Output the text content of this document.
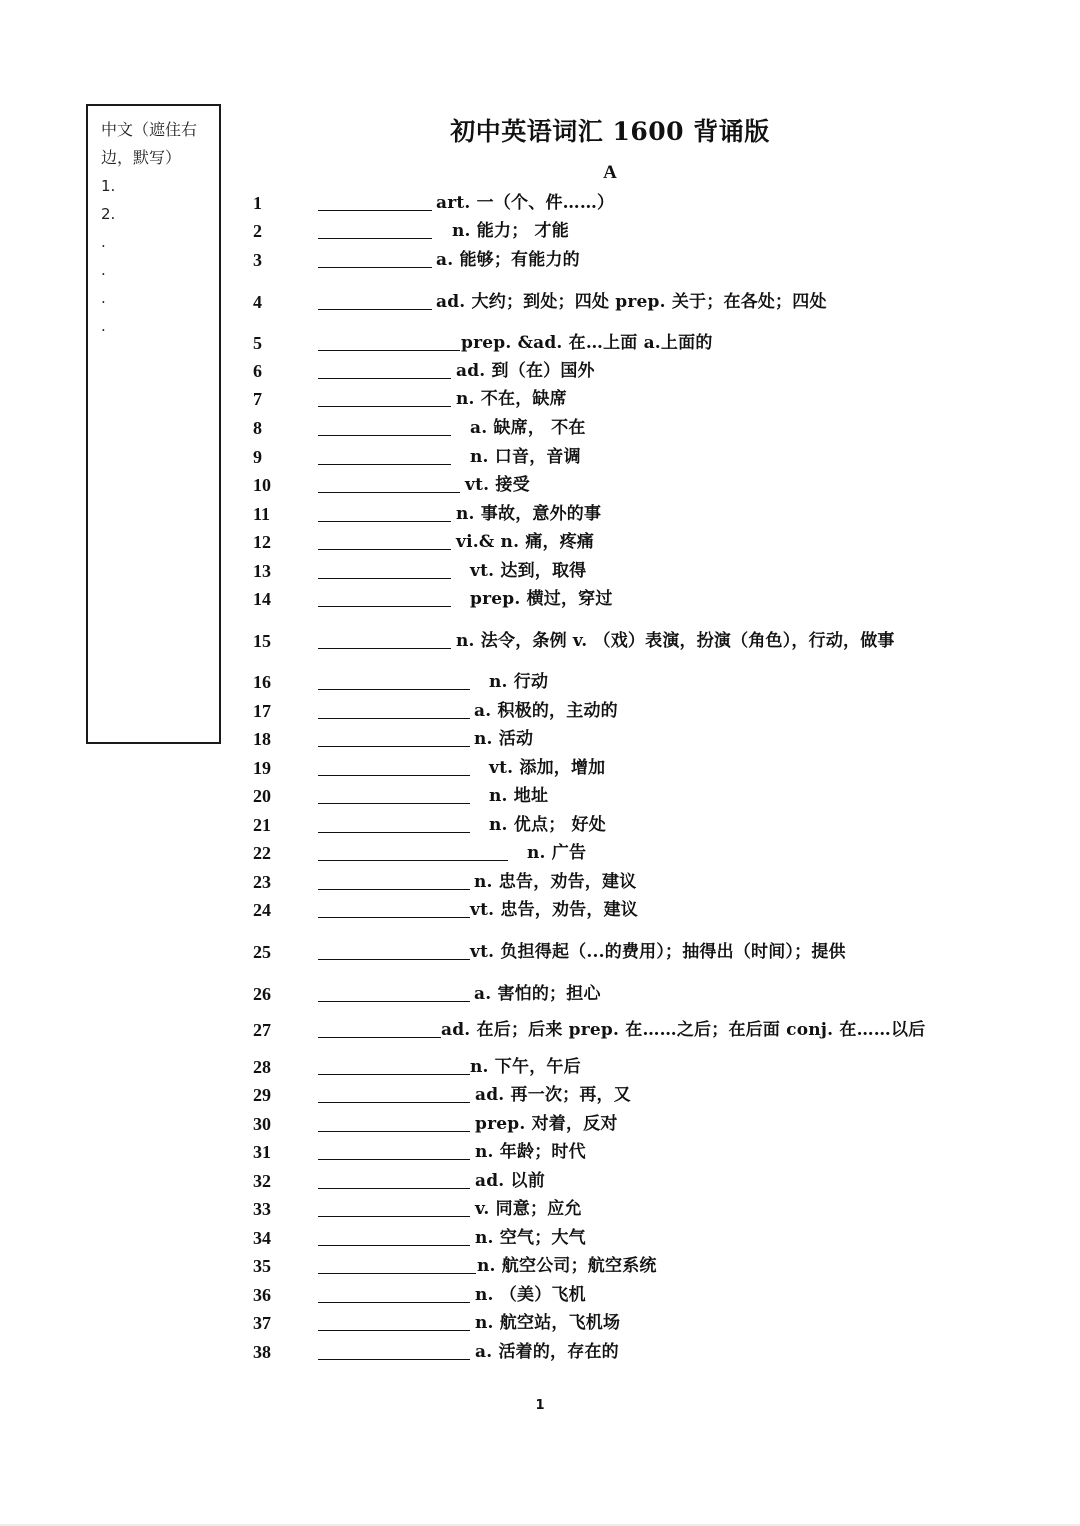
中文（遮住右边，默写）
1.
2.
.
.
.
.
初中英语词汇 1600 背诵版
A
1	art. 一（个、件……）
2	n. 能力； 才能
3	a. 能够；有能力的
4	ad. 大约；到处；四处 prep. 关于；在各处；四处
5	prep. &ad. 在…上面 a.上面的
6	ad. 到（在）国外
7	n. 不在，缺席
8	a. 缺席， 不在
9	n. 口音，音调
10	vt. 接受
11	n. 事故，意外的事
12	vi.& n. 痛，疼痛
13	vt. 达到，取得
14	prep. 横过，穿过
15	n. 法令，条例 v. （戏）表演，扮演（角色），行动，做事
16	n. 行动
17	a. 积极的，主动的
18	n. 活动
19	vt. 添加，增加
20	n. 地址
21	n. 优点； 好处
22	n. 广告
23	n. 忠告，劝告，建议
24	vt. 忠告，劝告，建议
25	vt. 负担得起（...的费用）；抽得出（时间）；提供
26	a. 害怕的；担心
27	ad. 在后；后来 prep. 在……之后；在后面 conj. 在……以后
28	n. 下午，午后
29	ad. 再一次；再，又
30	prep. 对着，反对
31	n. 年龄；时代
32	ad. 以前
33	v. 同意；应允
34	n. 空气；大气
35	n. 航空公司；航空系统
36	n. （美）飞机
37	n. 航空站，飞机场
38	a. 活着的，存在的
1
